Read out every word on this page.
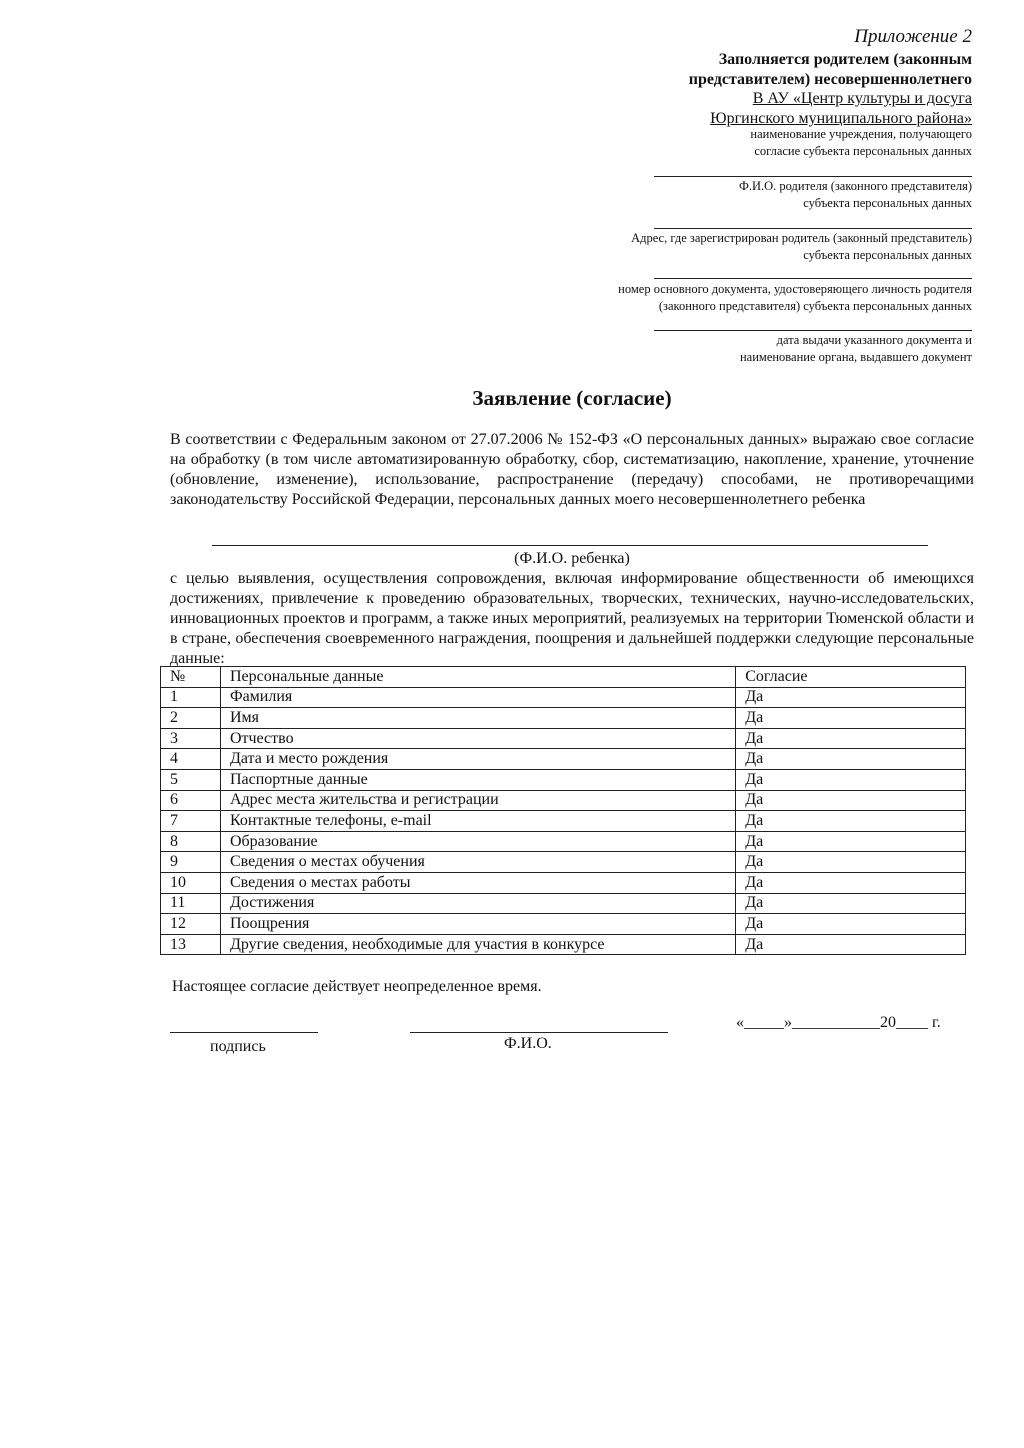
Приложение 2
Заполняется родителем (законным
представителем) несовершеннолетнего
В АУ «Центр культуры и досуга
Юргинского муниципального района»
наименование учреждения, получающего
согласие субъекта персональных данных
Ф.И.О. родителя (законного представителя)
субъекта персональных данных
Адрес, где зарегистрирован родитель (законный представитель)
субъекта персональных данных
номер основного документа, удостоверяющего личность родителя
(законного представителя) субъекта персональных данных
дата выдачи указанного документа и
наименование органа, выдавшего документ
Заявление (согласие)
В соответствии с Федеральным законом от 27.07.2006 № 152-ФЗ «О персональных данных» выражаю свое согласие на обработку (в том числе автоматизированную обработку, сбор, систематизацию, накопление, хранение, уточнение (обновление, изменение), использование, распространение (передачу) способами, не противоречащими законодательству Российской Федерации, персональных данных моего несовершеннолетнего ребенка
(Ф.И.О. ребенка)
с целью выявления, осуществления сопровождения, включая информирование общественности об имеющихся достижениях, привлечение к проведению образовательных, творческих, технических, научно-исследовательских, инновационных проектов и программ, а также иных мероприятий, реализуемых на территории Тюменской области и в стране, обеспечения своевременного награждения, поощрения и дальнейшей поддержки следующие персональные данные:
№	Персональные данные	Согласие
1	Фамилия	Да
2	Имя	Да
3	Отчество	Да
4	Дата и место рождения	Да
5	Паспортные данные	Да
6	Адрес места жительства и регистрации	Да
7	Контактные телефоны, e-mail	Да
8	Образование	Да
9	Сведения о местах обучения	Да
10	Сведения о местах работы	Да
11	Достижения	Да
12	Поощрения	Да
13	Другие сведения, необходимые для участия в конкурсе	Да
Настоящее согласие действует неопределенное время.
подпись	Ф.И.О.
«_____»___________20____ г.
